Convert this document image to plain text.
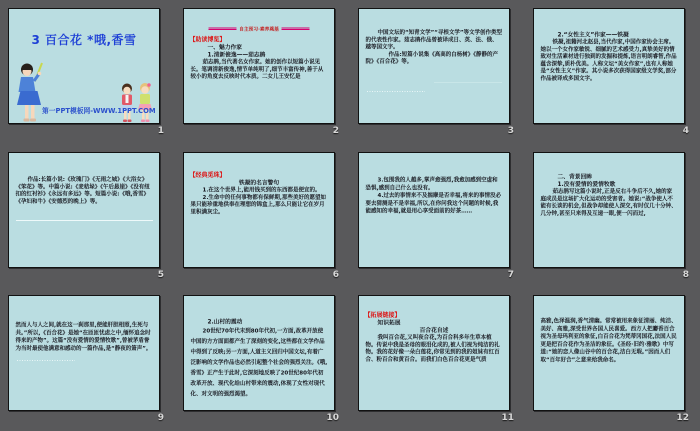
3 百合花 *哦,香雪
第一PPT模板网-WWW.1PPT.COM
1
自主预习·素养奠基
【助读博览】
一、魅力作家
1.清新俊逸——茹志鹃
茹志鹃,当代著名女作家。她的创作以短篇小说见长。笔调清新俊逸,情节单纯明了,细节丰富传神,善于从较小的角度去反映时代本质。二女儿王安忆是
2
中国文坛的“知青文学”“寻根文学”等文学创作类型的代表性作家。茹志鹃作品曾被译成日、英、法、俄、越等国文字。
作品:短篇小说集《高高的白杨树》《静静的产院》《百合花》等。
3
2.“女性主义”作家——铁凝
铁凝,祖籍河北赵县,当代作家,中国作家协会主席。她以一个女作家敏锐、细腻的艺术感受力,真挚美好的情致对生活素材进行独到的发掘和提炼,语言明朗睿智,作品蕴含深挚,质朴优美。人称文坛“美女作家”,也有人称她是“女性主义”作家。其小说多次获得国家级文学奖,部分作品被译成多国文字。
4
作品:长篇小说:《玫瑰门》《无雨之城》《大浴女》《笨花》等。中篇小说:《麦秸垛》《午后悬崖》《没有纽扣的红衬衫》《永远有多远》等。短篇小说:《哦,香雪》《孕妇和牛》《安德烈的晚上》等。
5
【经典觅珠】
铁凝的名言警句
1.在这个世界上,能用钱买到的东西都是便宜的。
2.生命中的任何事物都有保鲜期,那些美好的愿望如果只能珍重地供奉在理想的锦盒上,那么只能让它在岁月里积满灰尘。
6
3.包围我的人越多,掌声愈强烈,我愈加感到空虚和恐惧,感到自己什么也没有。
4.过去的事情来不及揣摩是否幸福,将来的事情没必要去猜测是不是幸福,所以,在你问我这个问题的时候,我能感知的幸福,就是用心享受面前的好茶……
7
二、背景回眸
1.没有爱情的爱情牧歌
茹志鹃写这篇小说时,正是反右斗争后不久,她的家庭成员是这场扩大化运动的受害者。她说:“战争使人不能有长谈的机会,但战争却能使人深交,有时仅几十分钟、几分钟,甚至只来得及互递一眼,便一闪而过,
8
然而人与人之间,就在这一刹那里,便能肝胆相照,生死与共。”所以,《百合花》是她“在匝匝忧虑之中,缅怀追念时得来的产物”。这篇“没有爱情的爱情牧歌”,曾被茅盾誉为当时最使他满意和感动的一篇作品,是“静夜的箫声”。
9
2.山村的震动
20世纪70年代末到80年代初,一方面,改革开放使中国的方方面面都产生了深刻的变化,这些都在文学作品中得到了反映;另一方面,人道主义回归中国文坛,有着广泛影响的文学作品也必然引起整个社会的强烈关注。《哦,香雪》正产生于此时,它深刻地反映了20世纪80年代初改革开放、现代化给山村带来的震动,体现了女性对现代化、对文明的强烈渴望。
10
【拓展链接】
知识拓展
百合花自述
我叫百合花,又叫夜合花,为百合科多年生草本植物。传说中我是圣母的眼泪化成的,被人们视为纯洁的礼物。我的花好像一朵白莲花,你常见到的我的姐妹有红百合、粉百合和黄百合。而我们白色百合花更是气质
11
高雅,色泽温润,香气清幽。常常被用来象征清丽、纯洁、美好、高雅,深受世界各国人民喜爱。西方人把麝香百合视为圣母玛利亚的象征,白百合花为梵蒂冈国花,法国人民更是把百合花作为圣洁的象征。《圣经·旧约·雅歌》中写道:“她的恋人像山谷中的百合花,洁白无瑕。”因而人们取“百年好合”之意来给我命名。
12
